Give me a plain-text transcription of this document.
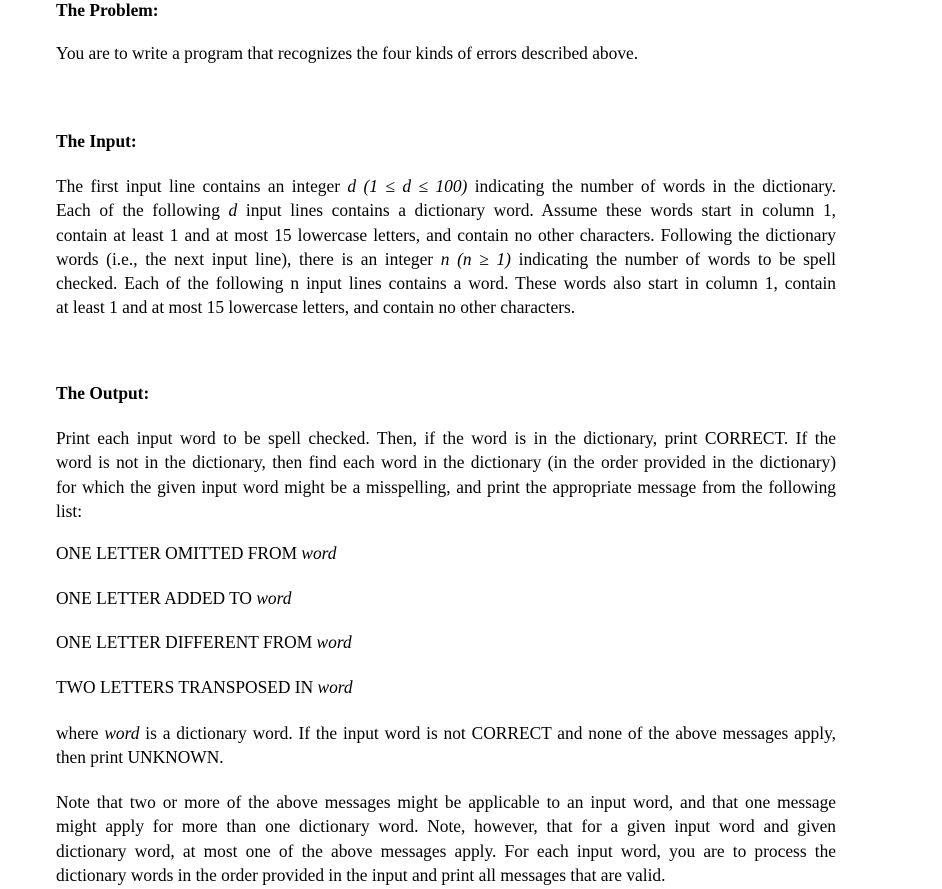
The Problem:
You are to write a program that recognizes the four kinds of errors described above.
The Input:
The first input line contains an integer d (1 ≤ d ≤ 100) indicating the number of words in the dictionary.
Each of the following d input lines contains a dictionary word. Assume these words start in column 1,
contain at least 1 and at most 15 lowercase letters, and contain no other characters. Following the dictionary
words (i.e., the next input line), there is an integer n (n ≥ 1) indicating the number of words to be spell
checked. Each of the following n input lines contains a word. These words also start in column 1, contain
at least 1 and at most 15 lowercase letters, and contain no other characters.
The Output:
Print each input word to be spell checked. Then, if the word is in the dictionary, print CORRECT. If the
word is not in the dictionary, then find each word in the dictionary (in the order provided in the dictionary)
for which the given input word might be a misspelling, and print the appropriate message from the following
list:
ONE LETTER OMITTED FROM word
ONE LETTER ADDED TO word
ONE LETTER DIFFERENT FROM word
TWO LETTERS TRANSPOSED IN word
where word is a dictionary word. If the input word is not CORRECT and none of the above messages apply,
then print UNKNOWN.
Note that two or more of the above messages might be applicable to an input word, and that one message
might apply for more than one dictionary word. Note, however, that for a given input word and given
dictionary word, at most one of the above messages apply. For each input word, you are to process the
dictionary words in the order provided in the input and print all messages that are valid.
